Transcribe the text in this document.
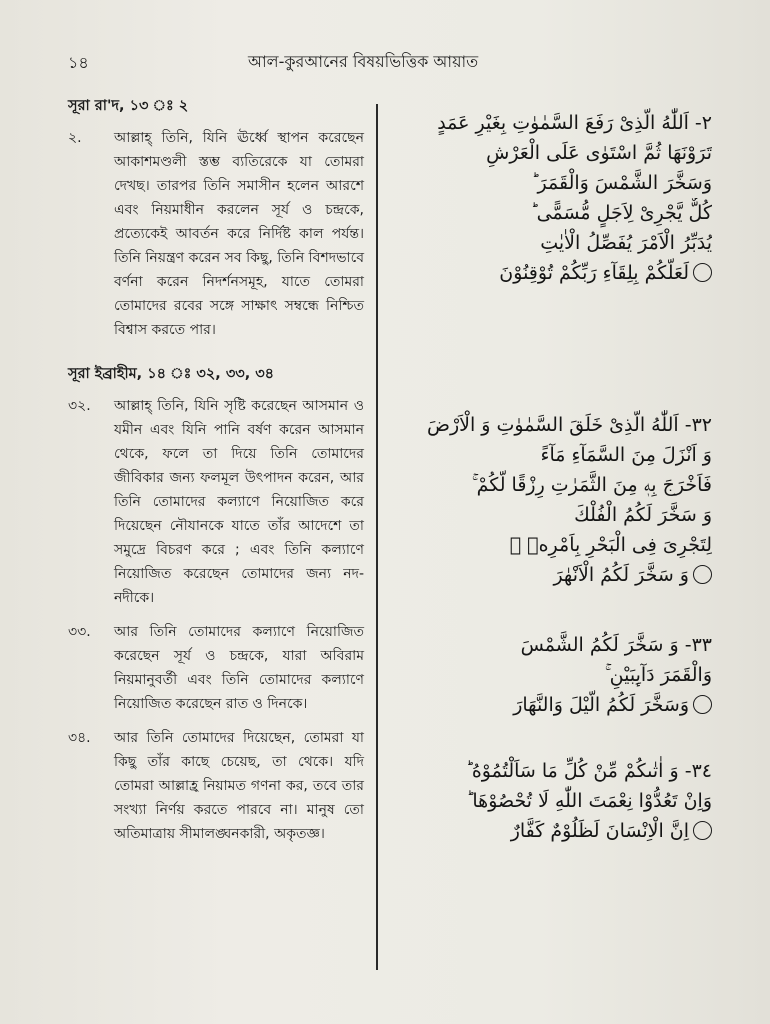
১৪	আল-কুরআনের বিষয়ভিত্তিক আয়াত
সূরা রা'দ, ১৩ ঃ ২
২.	আল্লাহ্ তিনি, যিনি ঊর্ধ্বে স্থাপন করেছেন আকাশমণ্ডলী স্তম্ভ ব্যতিরেকে যা তোমরা দেখছ। তারপর তিনি সমাসীন হলেন আরশে এবং নিয়মাধীন করলেন সূর্য ও চন্দ্রকে, প্রত্যেকেই আবর্তন করে নির্দিষ্ট কাল পর্যন্ত। তিনি নিয়ন্ত্রণ করেন সব কিছু, তিনি বিশদভাবে বর্ণনা করেন নিদর্শনসমূহ, যাতে তোমরা তোমাদের রবের সঙ্গে সাক্ষাৎ সম্বন্ধে নিশ্চিত বিশ্বাস করতে পার।
সূরা ইব্রাহীম, ১৪ ঃ ৩২, ৩৩, ৩৪
৩২.	আল্লাহ্ তিনি, যিনি সৃষ্টি করেছেন আসমান ও যমীন এবং যিনি পানি বর্ষণ করেন আসমান থেকে, ফলে তা দিয়ে তিনি তোমাদের জীবিকার জন্য ফলমূল উৎপাদন করেন, আর তিনি তোমাদের কল্যাণে নিয়োজিত করে দিয়েছেন নৌযানকে যাতে তাঁর আদেশে তা সমুদ্রে বিচরণ করে ; এবং তিনি কল্যাণে নিয়োজিত করেছেন তোমাদের জন্য নদ-নদীকে।
৩৩.	আর তিনি তোমাদের কল্যাণে নিয়োজিত করেছেন সূর্য ও চন্দ্রকে, যারা অবিরাম নিয়মানুবর্তী এবং তিনি তোমাদের কল্যাণে নিয়োজিত করেছেন রাত ও দিনকে।
৩৪.	আর তিনি তোমাদের দিয়েছেন, তোমরা যা কিছু তাঁর কাছে চেয়েছ, তা থেকে। যদি তোমরা আল্লাহ্র নিয়ামত গণনা কর, তবে তার সংখ্যা নির্ণয় করতে পারবে না। মানুষ তো অতিমাত্রায় সীমালঙ্ঘনকারী, অকৃতজ্ঞ।
٢- اَللّٰهُ الَّذِیْ رَفَعَ السَّمٰوٰتِ بِغَیْرِ عَمَدٍ
تَرَوْنَهَا ثُمَّ اسْتَوٰی عَلَی الْعَرْشِ
وَسَخَّرَ الشَّمْسَ وَالْقَمَرَ ؕ
كُلٌّ یَّجْرِیْ لِاَجَلٍ مُّسَمًّی ؕ
یُدَبِّرُ الْاَمْرَ یُفَصِّلُ الْاٰیٰتِ
لَعَلَّكُمْ بِلِقَآءِ رَبِّكُمْ تُوْقِنُوْنَ
٣٢- اَللّٰهُ الَّذِیْ خَلَقَ السَّمٰوٰتِ وَ الْاَرْضَ
وَ اَنْزَلَ مِنَ السَّمَآءِ مَآءً
فَاَخْرَجَ بِهٖ مِنَ الثَّمَرٰتِ رِزْقًا لَّكُمْ ۚ
وَ سَخَّرَ لَكُمُ الْفُلْكَ
لِتَجْرِیَ فِی الْبَحْرِ بِاَمْرِهٖ ۚ
وَ سَخَّرَ لَكُمُ الْاَنْهٰرَ
٣٣- وَ سَخَّرَ لَكُمُ الشَّمْسَ
وَالْقَمَرَ دَآىِٕبَیْنِ ۚ
وَسَخَّرَ لَكُمُ الَّیْلَ وَالنَّهَارَ
٣٤- وَ اٰتٰىكُمْ مِّنْ كُلِّ مَا سَاَلْتُمُوْهُ ؕ
وَاِنْ تَعُدُّوْا نِعْمَتَ اللّٰهِ لَا تُحْصُوْهَا ؕ
اِنَّ الْاِنْسَانَ لَظَلُوْمٌ كَفَّارٌ
